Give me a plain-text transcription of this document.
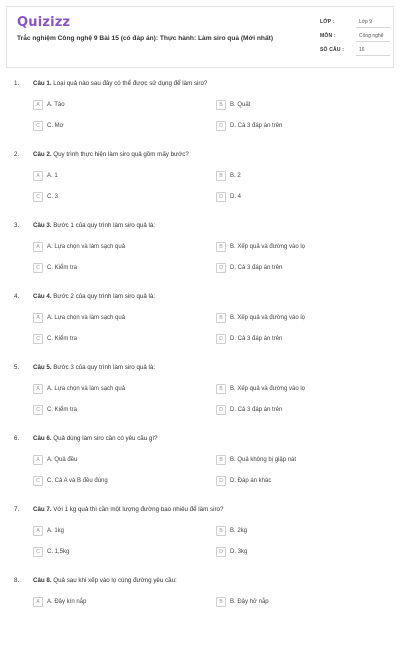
Quizizz
Trắc nghiệm Công nghệ 9 Bài 15 (có đáp án): Thực hành: Làm siro quả (Mới nhất)
LỚP :	Lớp 9
MÔN :	Công nghệ
SỐ CÂU :	16
1. Câu 1. Loại quả nào sau đây có thể được sử dụng để làm siro?
A	A. Táo	B	B. Quất
C	C. Mơ	D	D. Cả 3 đáp án trên
2. Câu 2. Quy trình thực hiện làm siro quả gồm mấy bước?
A	A. 1	B	B. 2
C	C. 3	D	D. 4
3. Câu 3. Bước 1 của quy trình làm siro quả là:
A	A. Lựa chọn và làm sạch quả	B	B. Xếp quả và đường vào lọ
C	C. Kiểm tra	D	D. Cả 3 đáp án trên
4. Câu 4. Bước 2 của quy trình làm siro quả là:
A	A. Lựa chọn và làm sạch quả	B	B. Xếp quả và đường vào lọ
C	C. Kiểm tra	D	D. Cả 3 đáp án trên
5. Câu 5. Bước 3 của quy trình làm siro quả là:
A	A. Lựa chọn và làm sạch quả	B	B. Xếp quả và đường vào lọ
C	C. Kiểm tra	D	D. Cả 3 đáp án trên
6. Câu 6. Quả dùng làm siro cần có yêu cầu gì?
A	A. Quả đều	B	B. Quả không bị giập nát
C	C. Cả A và B đều đúng	D	D. Đáp án khác
7. Câu 7. Với 1 kg quả thì cần một lượng đường bao nhiêu để làm siro?
A	A. 1kg	B	B. 2kg
C	C. 1,5kg	D	D. 3kg
8. Câu 8. Quả sau khi xếp vào lọ cùng đường yêu cầu:
A	A. Đậy kín nắp	B	B. Đậy hở nắp
